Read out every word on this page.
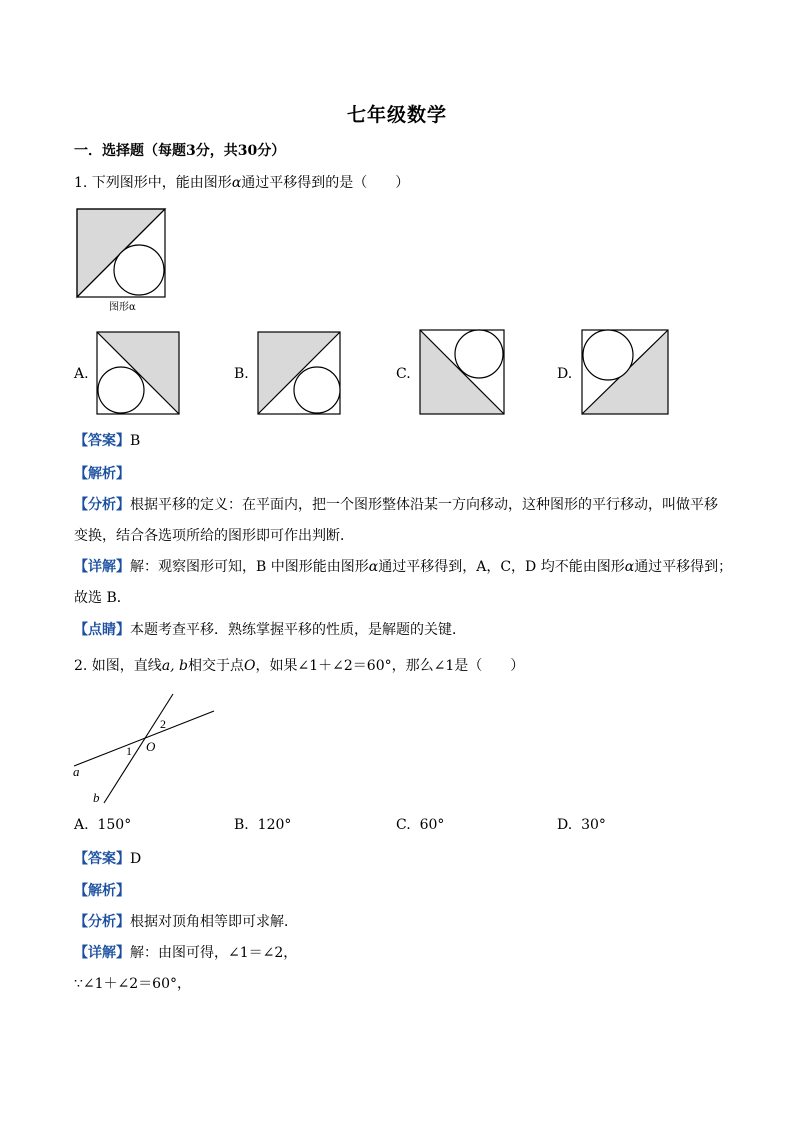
七年级数学
一．选择题（每题3分，共30分）
1. 下列图形中，能由图形α通过平移得到的是（　　）
图形α
A.	B.	C.	D.
【答案】B
【解析】
【分析】根据平移的定义：在平面内，把一个图形整体沿某一方向移动，这种图形的平行移动，叫做平移
变换，结合各选项所给的图形即可作出判断．
【详解】解：观察图形可知，B 中图形能由图形α通过平移得到，A，C，D 均不能由图形α通过平移得到；
故选 B．
【点睛】本题考查平移．熟练掌握平移的性质，是解题的关键．
2. 如图，直线a, b相交于点O，如果∠1＋∠2＝60°，那么∠1是（　　）
a
b
O
1
2
A. 150°	B. 120°	C. 60°	D. 30°
【答案】D
【解析】
【分析】根据对顶角相等即可求解．
【详解】解：由图可得，∠1＝∠2，
∵∠1＋∠2＝60°，
